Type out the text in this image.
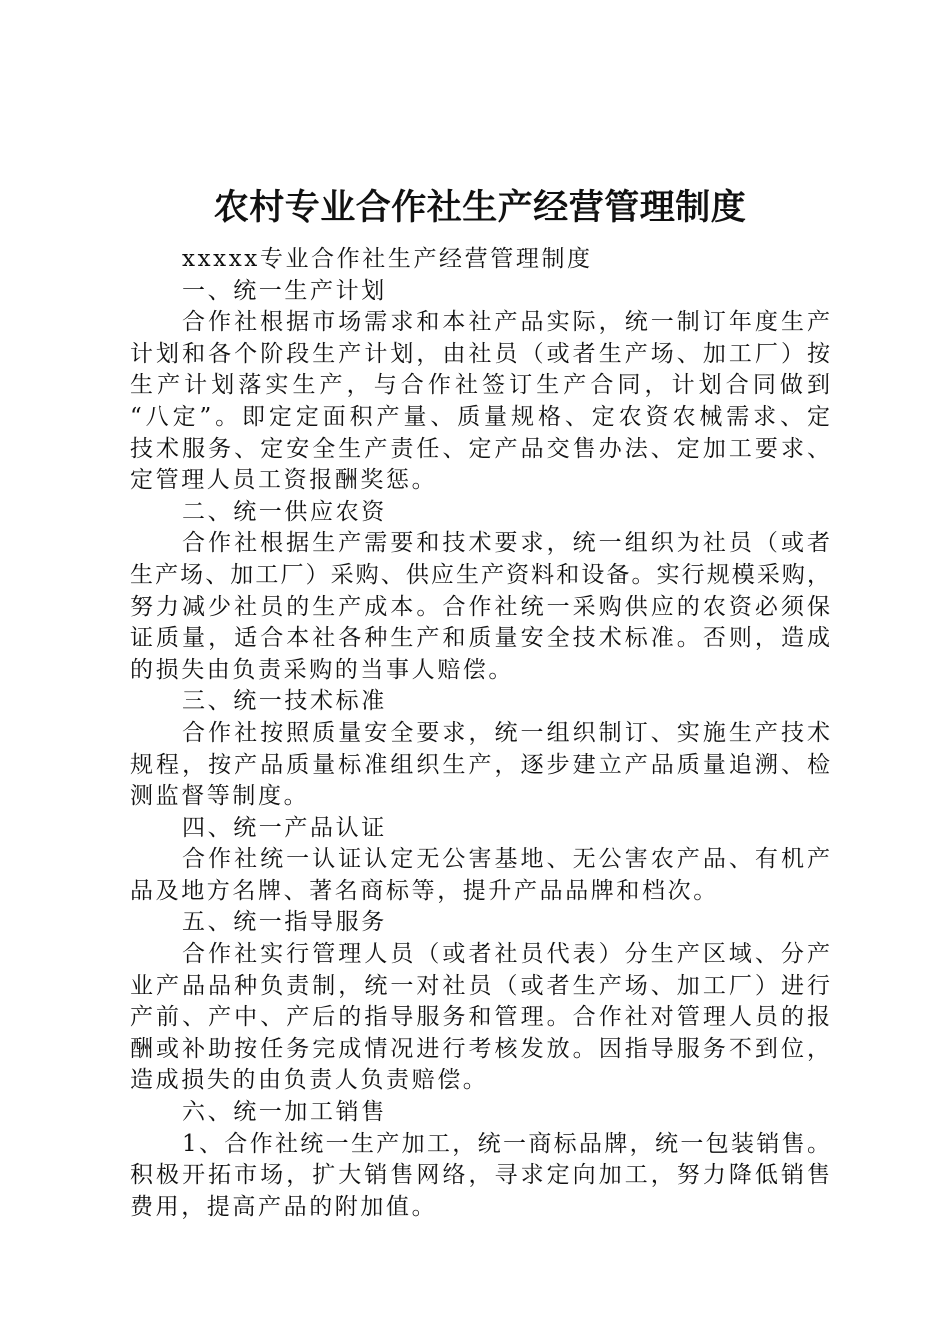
农村专业合作社生产经营管理制度

xxxxx专业合作社生产经营管理制度

一、统一生产计划

合作社根据市场需求和本社产品实际，统一制订年度生产

计划和各个阶段生产计划，由社员（或者生产场、加工厂）按

生产计划落实生产，与合作社签订生产合同，计划合同做到

“八定”。即定定面积产量、质量规格、定农资农械需求、定

技术服务、定安全生产责任、定产品交售办法、定加工要求、

定管理人员工资报酬奖惩。

二、统一供应农资

合作社根据生产需要和技术要求，统一组织为社员（或者

生产场、加工厂）采购、供应生产资料和设备。实行规模采购，

努力减少社员的生产成本。合作社统一采购供应的农资必须保

证质量，适合本社各种生产和质量安全技术标准。否则，造成

的损失由负责采购的当事人赔偿。

三、统一技术标准

合作社按照质量安全要求，统一组织制订、实施生产技术

规程，按产品质量标准组织生产，逐步建立产品质量追溯、检

测监督等制度。

四、统一产品认证

合作社统一认证认定无公害基地、无公害农产品、有机产

品及地方名牌、著名商标等，提升产品品牌和档次。

五、统一指导服务

合作社实行管理人员（或者社员代表）分生产区域、分产

业产品品种负责制，统一对社员（或者生产场、加工厂）进行

产前、产中、产后的指导服务和管理。合作社对管理人员的报

酬或补助按任务完成情况进行考核发放。因指导服务不到位，

造成损失的由负责人负责赔偿。

六、统一加工销售

1、合作社统一生产加工，统一商标品牌，统一包装销售。

积极开拓市场，扩大销售网络，寻求定向加工，努力降低销售

费用，提高产品的附加值。
